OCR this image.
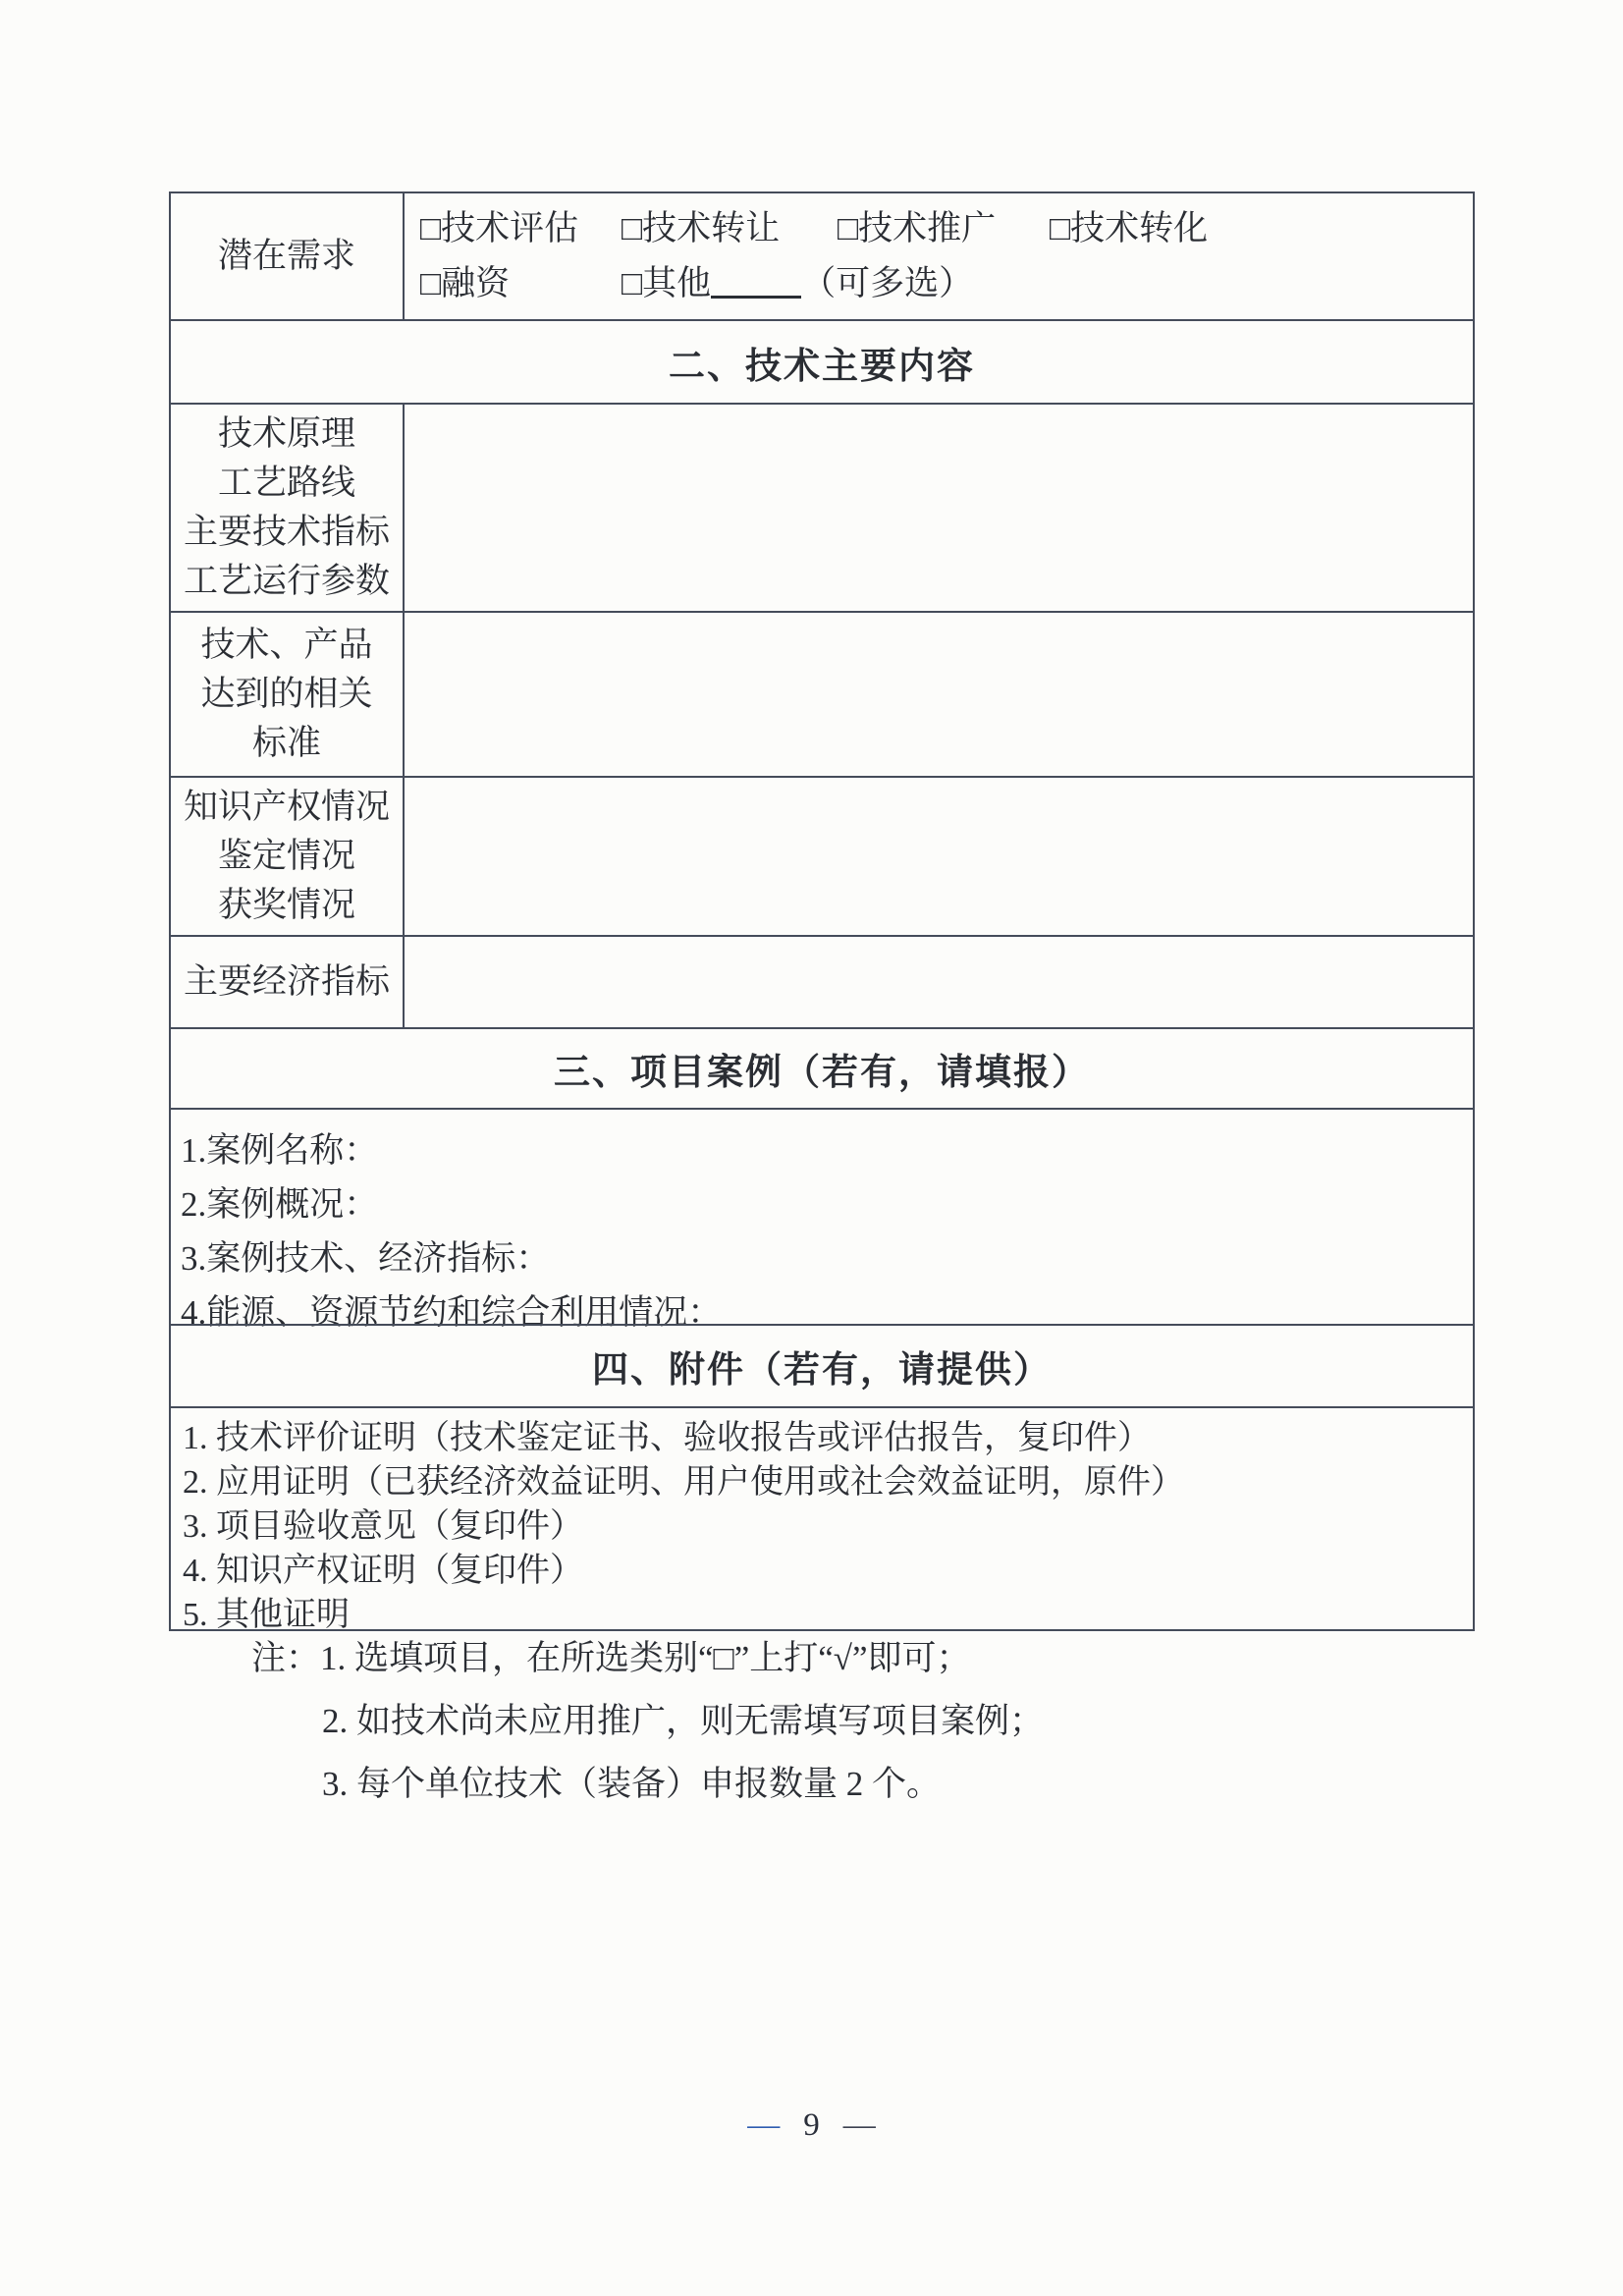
潜在需求
□技术评估 □技术转让 □技术推广 □技术转化
□融资	□其他	（可多选）
二、技术主要内容
技术原理
工艺路线
主要技术指标
工艺运行参数
技术、产品
达到的相关
标准
知识产权情况
鉴定情况
获奖情况
主要经济指标
三、项目案例（若有，请填报）
1.案例名称：
2.案例概况：
3.案例技术、经济指标：
4.能源、资源节约和综合利用情况：
四、附件（若有，请提供）
1. 技术评价证明（技术鉴定证书、验收报告或评估报告，复印件）
2. 应用证明（已获经济效益证明、用户使用或社会效益证明，原件）
3. 项目验收意见（复印件）
4. 知识产权证明（复印件）
5. 其他证明
注：1. 选填项目，在所选类别“□”上打“√”即可；
2. 如技术尚未应用推广，则无需填写项目案例；
3. 每个单位技术（装备）申报数量 2 个。
— 9 —
